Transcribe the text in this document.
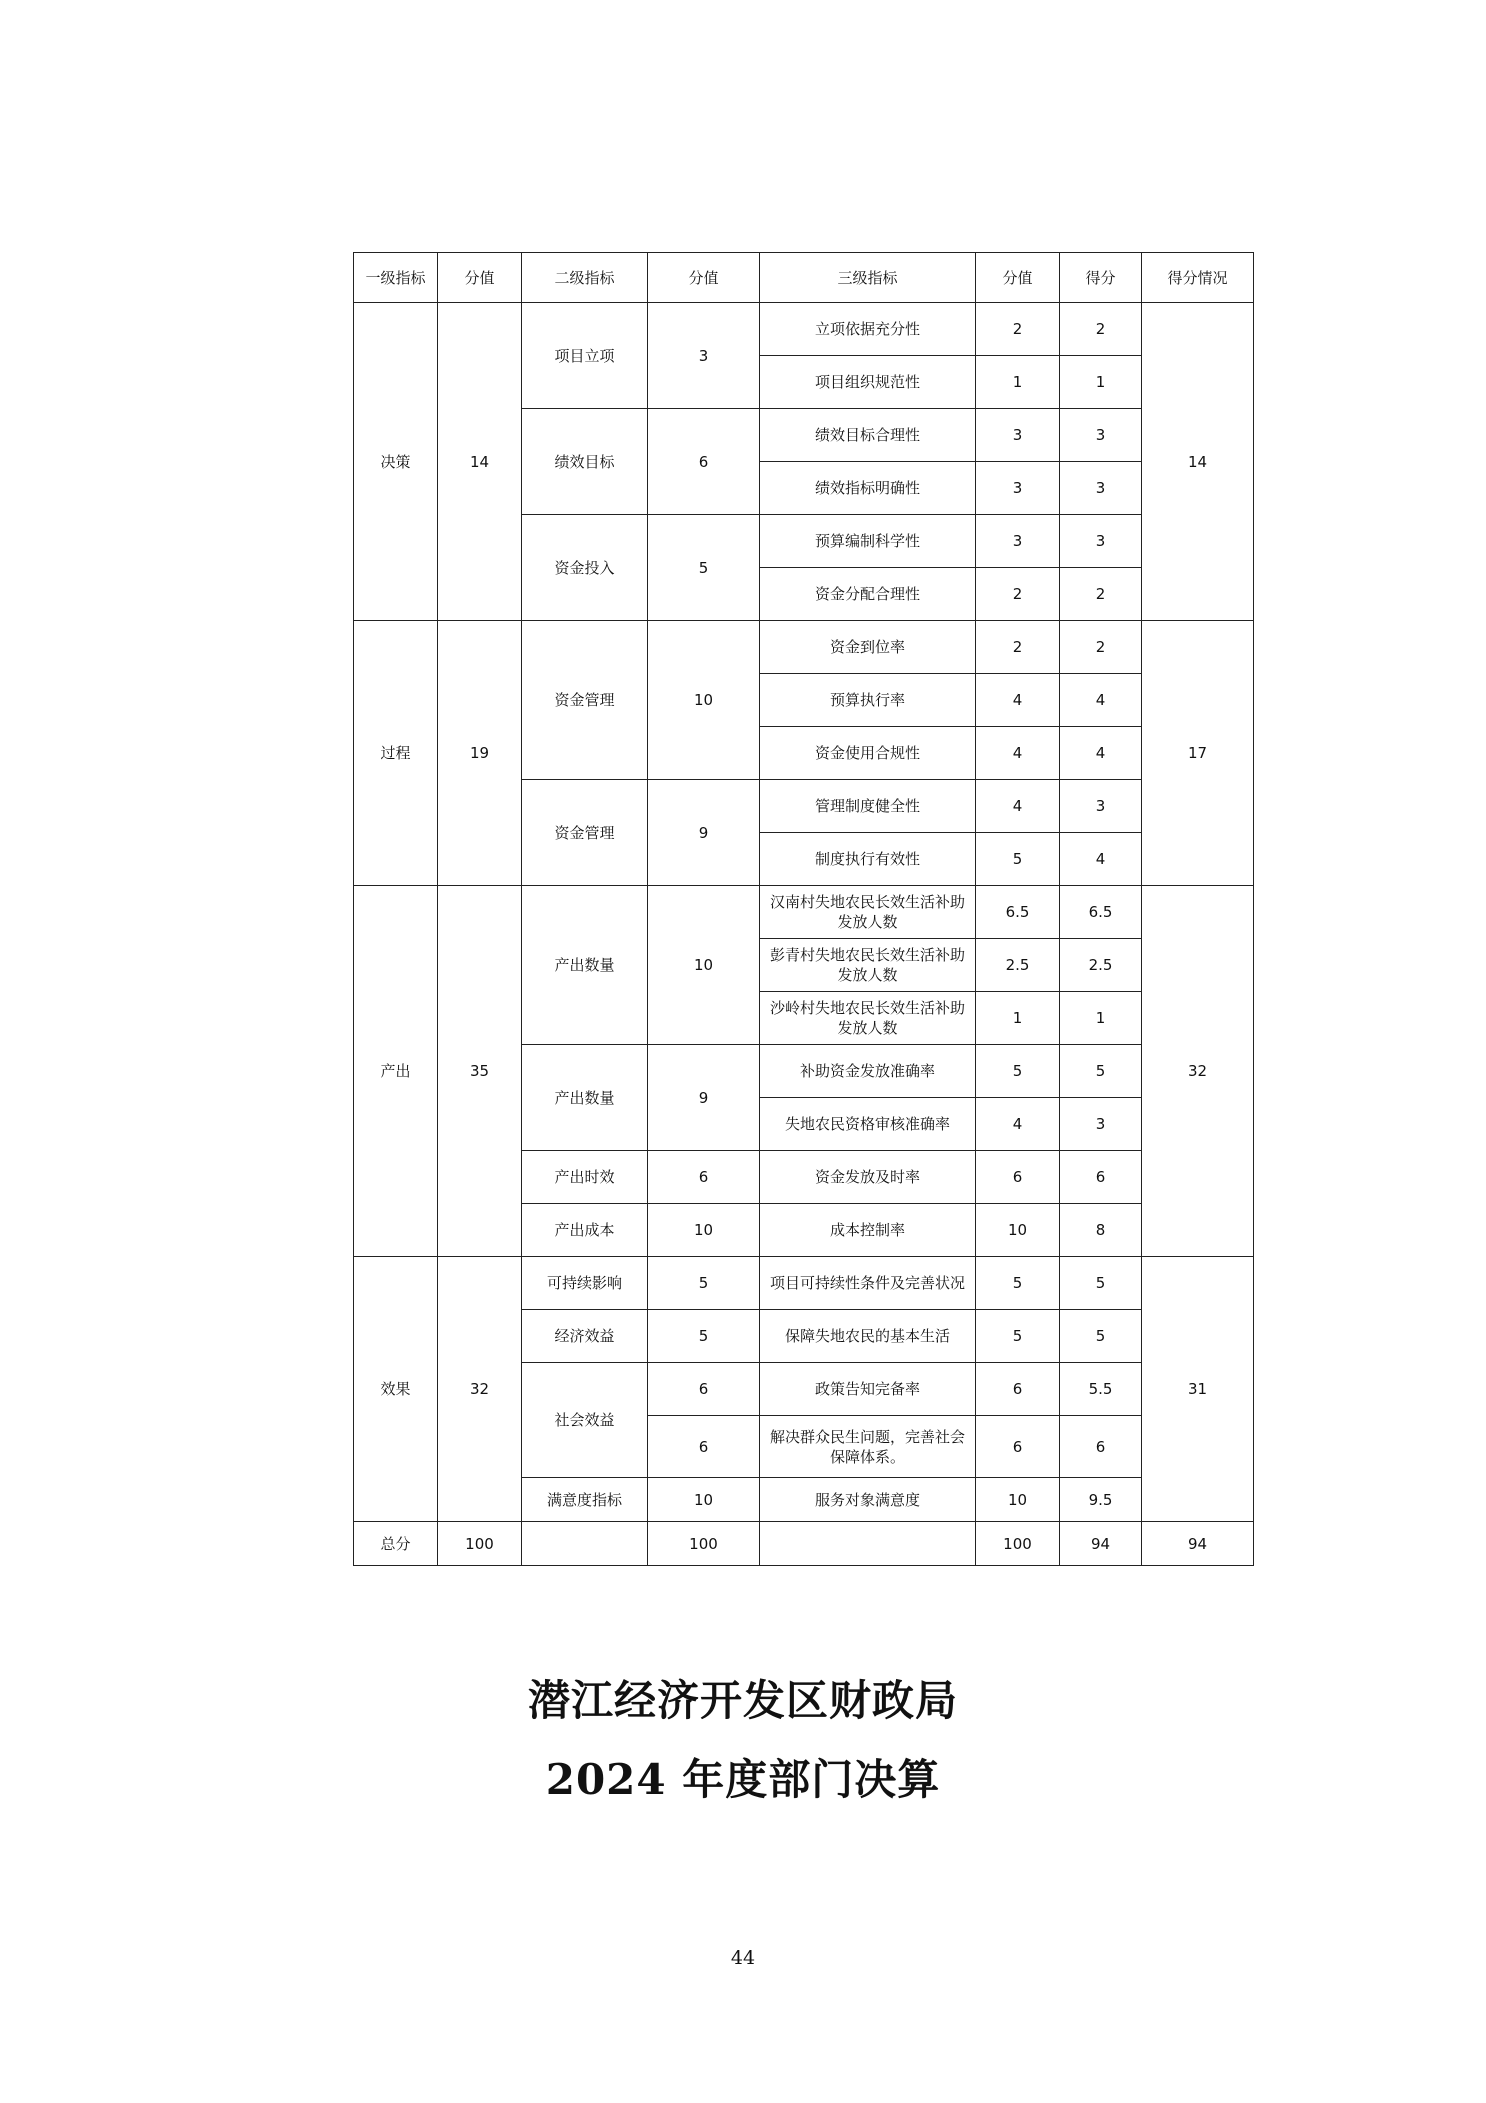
一级指标	分值	二级指标	分值	三级指标	分值	得分	得分情况
决策	14	项目立项	3	立项依据充分性	2	2	14
				项目组织规范性	1	1	
		绩效目标	6	绩效目标合理性	3	3	
				绩效指标明确性	3	3	
		资金投入	5	预算编制科学性	3	3	
				资金分配合理性	2	2	
过程	19	资金管理	10	资金到位率	2	2	17
				预算执行率	4	4	
				资金使用合规性	4	4	
		资金管理	9	管理制度健全性	4	3	
				制度执行有效性	5	4	
产出	35	产出数量	10	汉南村失地农民长效生活补助发放人数	6.5	6.5	32
				彭青村失地农民长效生活补助发放人数	2.5	2.5	
				沙岭村失地农民长效生活补助发放人数	1	1	
		产出数量	9	补助资金发放准确率	5	5	
				失地农民资格审核准确率	4	3	
		产出时效	6	资金发放及时率	6	6	
		产出成本	10	成本控制率	10	8	
效果	32	可持续影响	5	项目可持续性条件及完善状况	5	5	31
		经济效益	5	保障失地农民的基本生活	5	5	
		社会效益	6	政策告知完备率	6	5.5	
			6	解决群众民生问题，完善社会保障体系。	6	6	
		满意度指标	10	服务对象满意度	10	9.5	
总分	100		100		100	94	94
潜江经济开发区财政局
2024 年度部门决算
44
